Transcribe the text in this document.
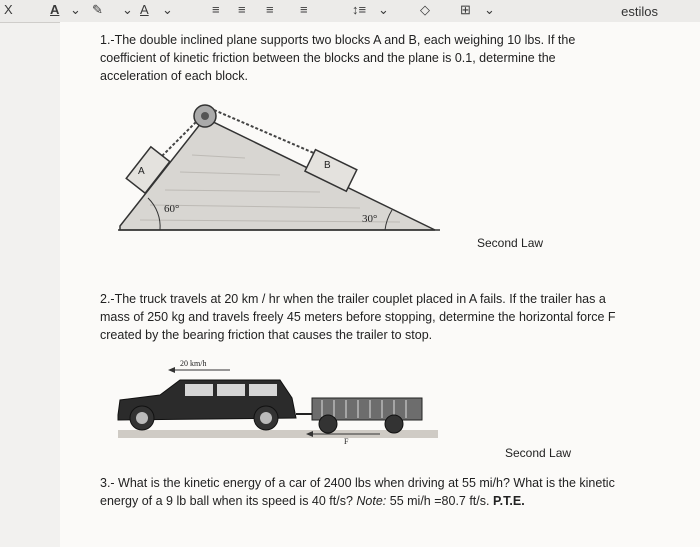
X	A ⌄ ✎ ⌄ A ⌄	≡ ≡ ≡ ≡	↕≡ ⌄ ◇ ⊞ ⌄	estilos
1.-The double inclined plane supports two blocks A and B, each weighing 10 lbs. If the coefficient of kinetic friction between the blocks and the plane is 0.1, determine the acceleration of each block.
A
B
60°
30°
Second Law
2.-The truck travels at 20 km / hr when the trailer couplet placed in A fails. If the trailer has a mass of 250 kg and travels freely 45 meters before stopping, determine the horizontal force F created by the bearing friction that causes the trailer to stop.
20 km/h
F
Second Law
3.- What is the kinetic energy of a car of 2400 lbs when driving at 55 mi/h? What is the kinetic energy of a 9 lb ball when its speed is 40 ft/s? Note: 55 mi/h =80.7 ft/s. P.T.E.
